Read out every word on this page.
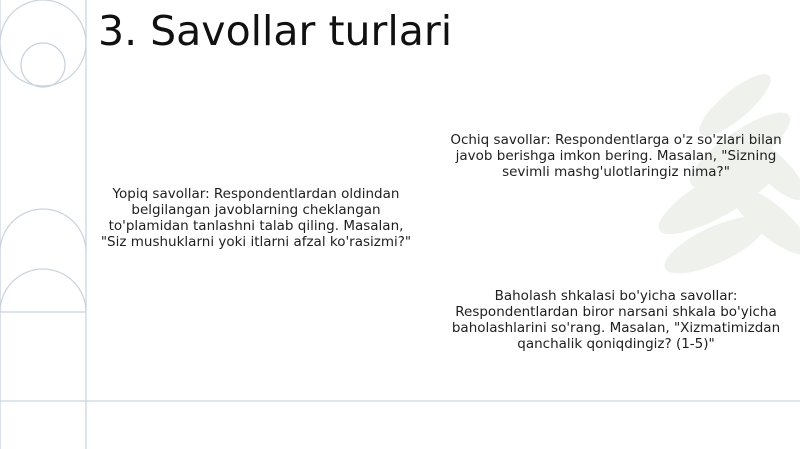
3. Savollar turlari
Ochiq savollar: Respondentlarga o'z so'zlari bilan javob berishga imkon bering. Masalan, "Sizning sevimli mashg'ulotlaringiz nima?"
Yopiq savollar: Respondentlardan oldindan belgilangan javoblarning cheklangan to'plamidan tanlashni talab qiling. Masalan, "Siz mushuklarni yoki itlarni afzal ko'rasizmi?"
Baholash shkalasi bo'yicha savollar: Respondentlardan biror narsani shkala bo'yicha baholashlarini so'rang. Masalan, "Xizmatimizdan qanchalik qoniqdingiz? (1-5)"
